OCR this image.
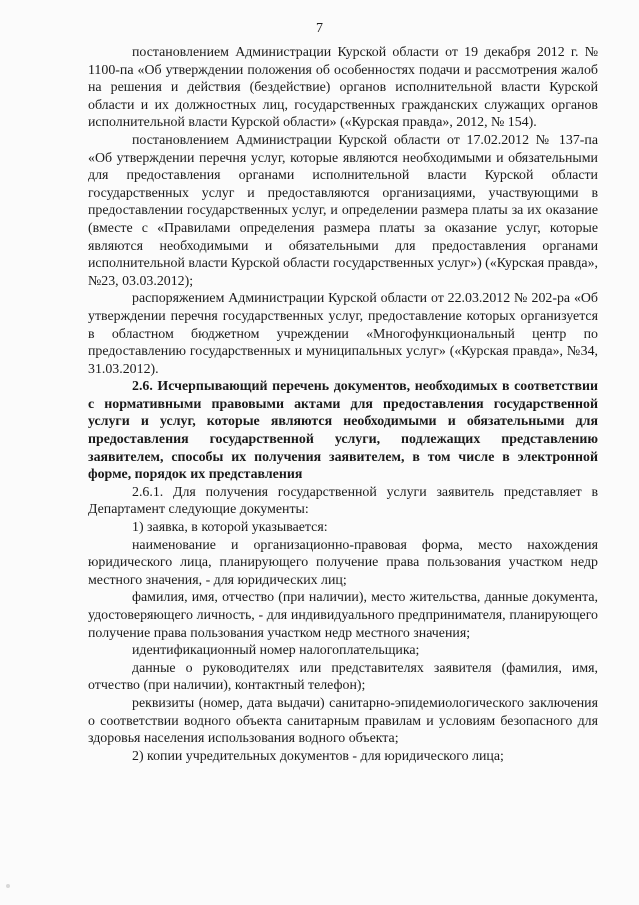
7

постановлением Администрации Курской области от 19 декабря 2012 г. № 1100-па «Об утверждении положения об особенностях подачи и рассмотрения жалоб на решения и действия (бездействие) органов исполнительной власти Курской области и их должностных лиц, государственных гражданских служащих органов исполнительной власти Курской области» («Курская правда», 2012, № 154).

постановлением Администрации Курской области от 17.02.2012 № 137-па «Об утверждении перечня услуг, которые являются необходимыми и обязательными для предоставления органами исполнительной власти Курской области государственных услуг и предоставляются организациями, участвующими в предоставлении государственных услуг, и определении размера платы за их оказание (вместе с «Правилами определения размера платы за оказание услуг, которые являются необходимыми и обязательными для предоставления органами исполнительной власти Курской области государственных услуг») («Курская правда», №23, 03.03.2012);

распоряжением Администрации Курской области от 22.03.2012 № 202-ра «Об утверждении перечня государственных услуг, предоставление которых организуется в областном бюджетном учреждении «Многофункциональный центр по предоставлению государственных и муниципальных услуг» («Курская правда», №34, 31.03.2012).

2.6. Исчерпывающий перечень документов, необходимых в соответствии с нормативными правовыми актами для предоставления государственной услуги и услуг, которые являются необходимыми и обязательными для предоставления государственной услуги, подлежащих представлению заявителем, способы их получения заявителем, в том числе в электронной форме, порядок их представления

2.6.1. Для получения государственной услуги заявитель представляет в Департамент следующие документы:

1) заявка, в которой указывается:

наименование и организационно-правовая форма, место нахождения юридического лица, планирующего получение права пользования участком недр местного значения, - для юридических лиц;

фамилия, имя, отчество (при наличии), место жительства, данные документа, удостоверяющего личность, - для индивидуального предпринимателя, планирующего получение права пользования участком недр местного значения;

идентификационный номер налогоплательщика;

данные о руководителях или представителях заявителя (фамилия, имя, отчество (при наличии), контактный телефон);

реквизиты (номер, дата выдачи) санитарно-эпидемиологического заключения о соответствии водного объекта санитарным правилам и условиям безопасного для здоровья населения использования водного объекта;

2) копии учредительных документов - для юридического лица;
